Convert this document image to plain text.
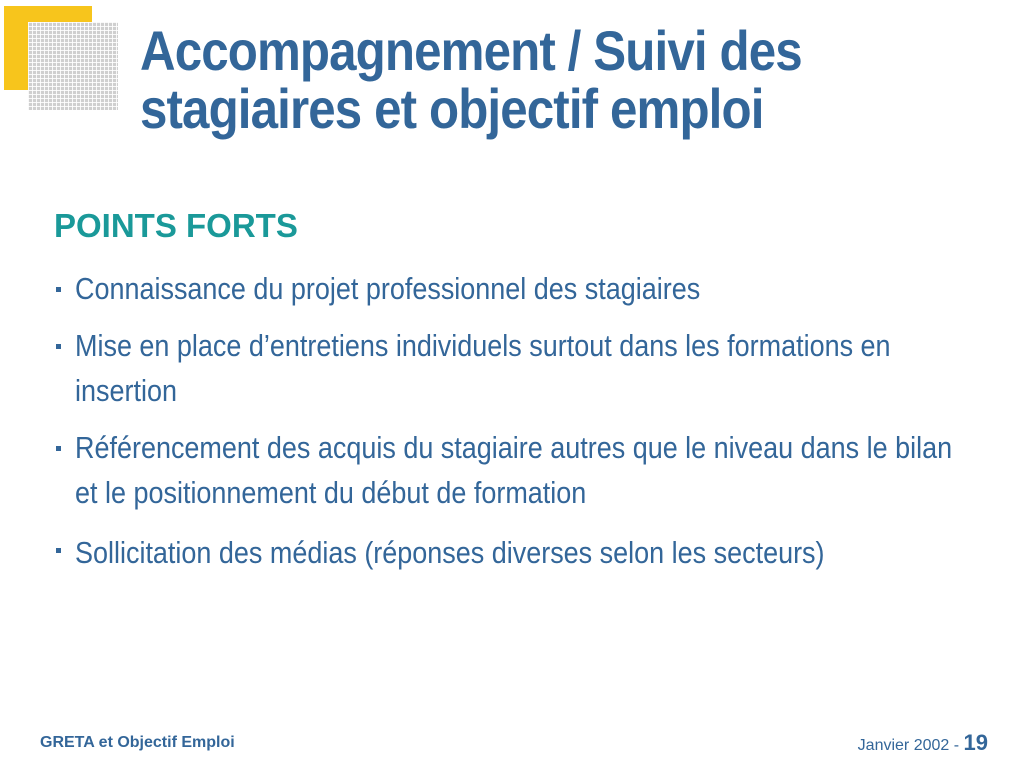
Accompagnement / Suivi des
stagiaires et objectif emploi
POINTS FORTS
Connaissance du projet professionnel des stagiaires
Mise en place d’entretiens individuels surtout dans les formations en insertion
Référencement des acquis du stagiaire autres que le niveau dans le bilan et le positionnement du début de formation
Sollicitation des médias (réponses diverses selon les secteurs)
GRETA et Objectif Emploi	Janvier 2002 - 19
